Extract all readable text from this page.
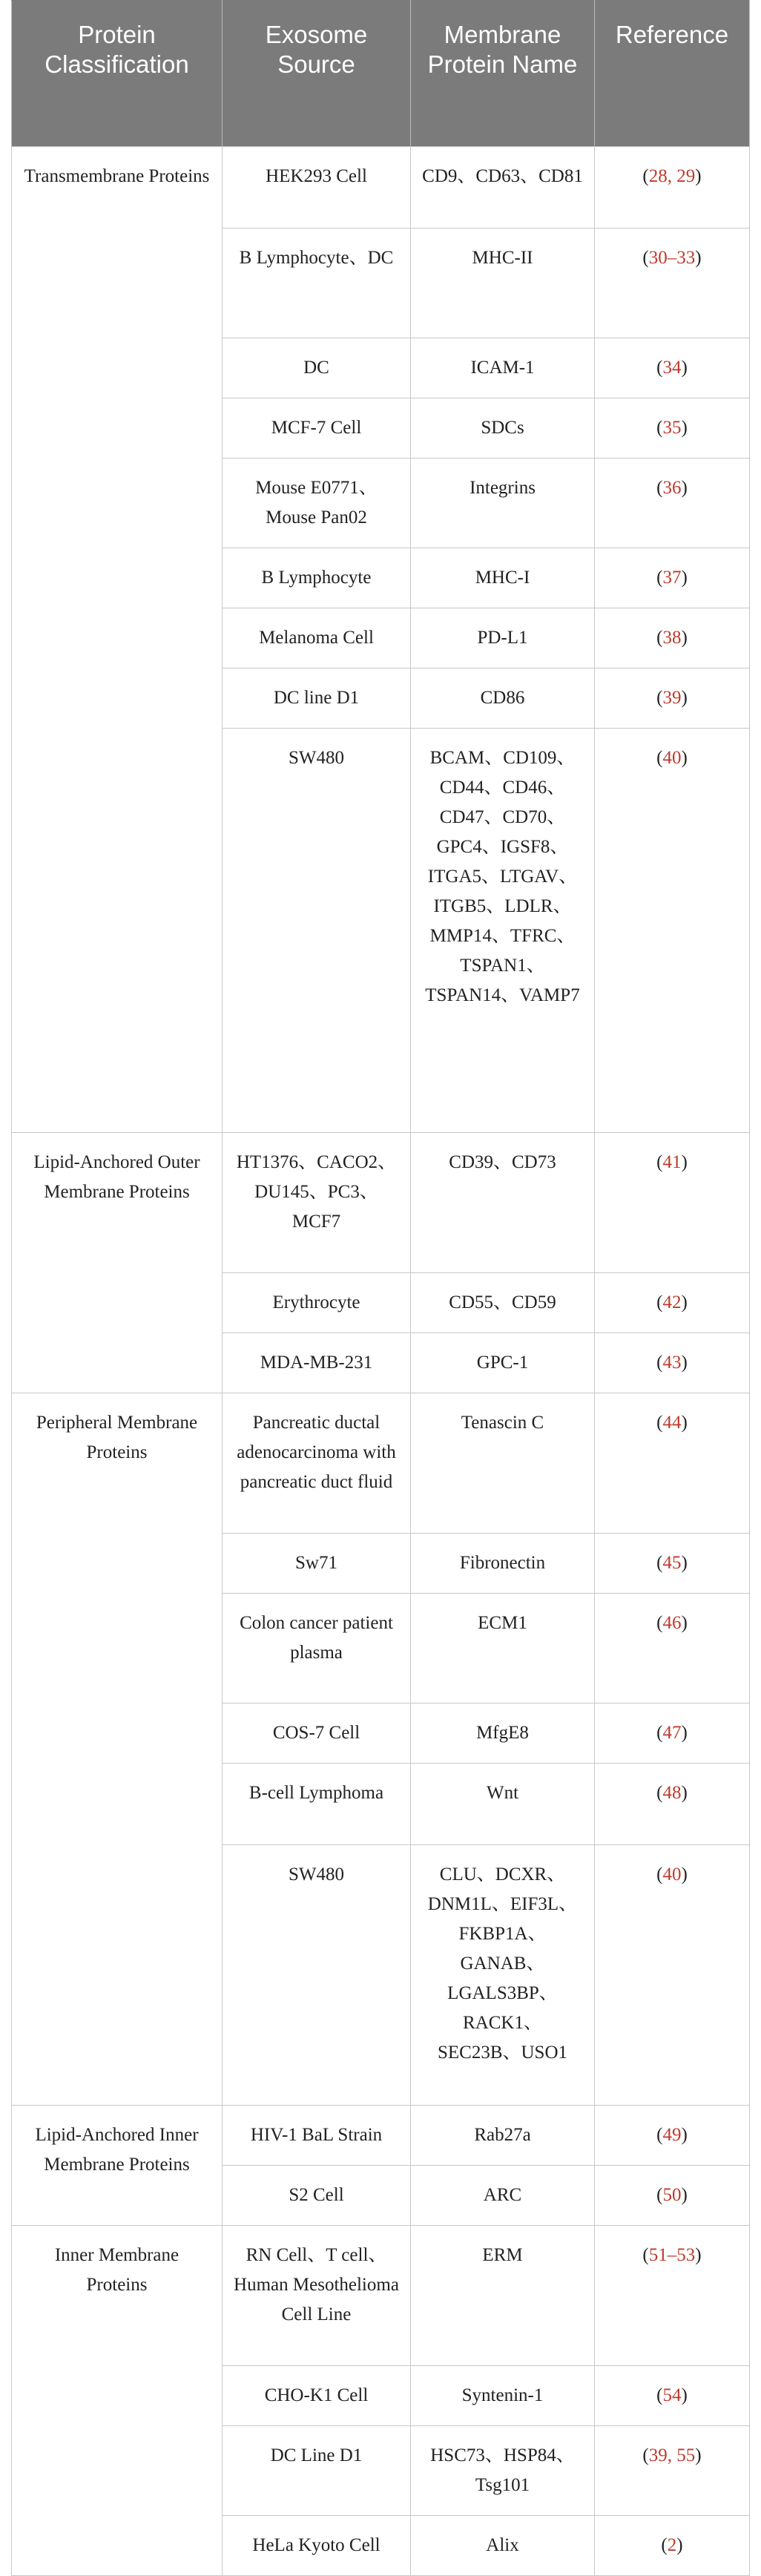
Protein Classification	Exosome Source	Membrane Protein Name	Reference
Transmembrane Proteins	HEK293 Cell	CD9、CD63、CD81	(28, 29)
	B Lymphocyte、DC	MHC-II	(30–33)
	DC	ICAM-1	(34)
	MCF-7 Cell	SDCs	(35)
	Mouse E0771、Mouse Pan02	Integrins	(36)
	B Lymphocyte	MHC-I	(37)
	Melanoma Cell	PD-L1	(38)
	DC line D1	CD86	(39)
	SW480	BCAM、CD109、CD44、CD46、CD47、CD70、GPC4、IGSF8、ITGA5、LTGAV、ITGB5、LDLR、MMP14、TFRC、TSPAN1、TSPAN14、VAMP7	(40)
Lipid-Anchored Outer Membrane Proteins	HT1376、CACO2、DU145、PC3、MCF7	CD39、CD73	(41)
	Erythrocyte	CD55、CD59	(42)
	MDA-MB-231	GPC-1	(43)
Peripheral Membrane Proteins	Pancreatic ductal adenocarcinoma with pancreatic duct fluid	Tenascin C	(44)
	Sw71	Fibronectin	(45)
	Colon cancer patient plasma	ECM1	(46)
	COS-7 Cell	MfgE8	(47)
	B-cell Lymphoma	Wnt	(48)
	SW480	CLU、DCXR、DNM1L、EIF3L、FKBP1A、GANAB、LGALS3BP、RACK1、SEC23B、USO1	(40)
Lipid-Anchored Inner Membrane Proteins	HIV-1 BaL Strain	Rab27a	(49)
	S2 Cell	ARC	(50)
Inner Membrane Proteins	RN Cell、T cell、Human Mesothelioma Cell Line	ERM	(51–53)
	CHO-K1 Cell	Syntenin-1	(54)
	DC Line D1	HSC73、HSP84、Tsg101	(39, 55)
	HeLa Kyoto Cell	Alix	(2)
